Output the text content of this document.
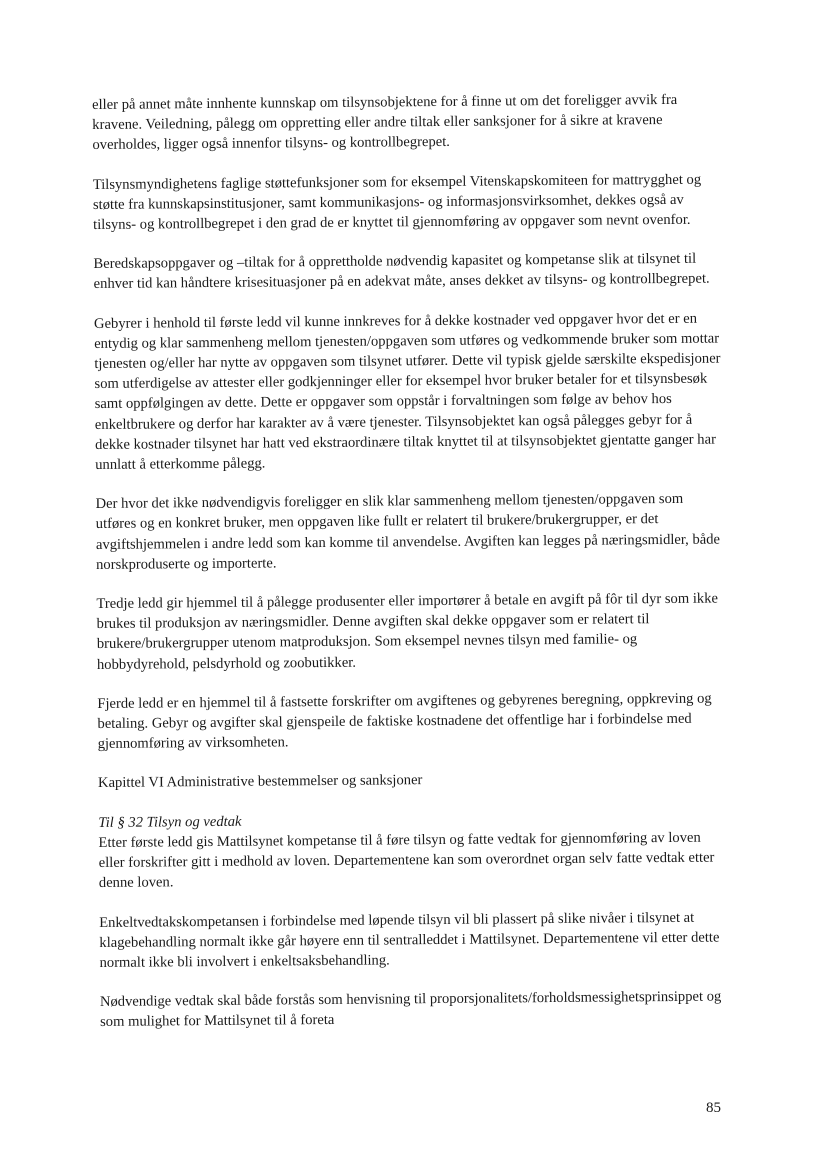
eller på annet måte innhente kunnskap om tilsynsobjektene for å finne ut om det foreligger avvik fra kravene. Veiledning, pålegg om oppretting eller andre tiltak eller sanksjoner for å sikre at kravene overholdes, ligger også innenfor tilsyns- og kontrollbegrepet.

Tilsynsmyndighetens faglige støttefunksjoner som for eksempel Vitenskapskomiteen for mattrygghet og støtte fra kunnskapsinstitusjoner, samt kommunikasjons- og informasjonsvirksomhet, dekkes også av tilsyns- og kontrollbegrepet i den grad de er knyttet til gjennomføring av oppgaver som nevnt ovenfor.

Beredskapsoppgaver og –tiltak for å opprettholde nødvendig kapasitet og kompetanse slik at tilsynet til enhver tid kan håndtere krisesituasjoner på en adekvat måte, anses dekket av tilsyns- og kontrollbegrepet.

Gebyrer i henhold til første ledd vil kunne innkreves for å dekke kostnader ved oppgaver hvor det er en entydig og klar sammenheng mellom tjenesten/oppgaven som utføres og vedkommende bruker som mottar tjenesten og/eller har nytte av oppgaven som tilsynet utfører. Dette vil typisk gjelde særskilte ekspedisjoner som utferdigelse av attester eller godkjenninger eller for eksempel hvor bruker betaler for et tilsynsbesøk samt oppfølgingen av dette. Dette er oppgaver som oppstår i forvaltningen som følge av behov hos enkeltbrukere og derfor har karakter av å være tjenester. Tilsynsobjektet kan også pålegges gebyr for å dekke kostnader tilsynet har hatt ved ekstraordinære tiltak knyttet til at tilsynsobjektet gjentatte ganger har unnlatt å etterkomme pålegg.

Der hvor det ikke nødvendigvis foreligger en slik klar sammenheng mellom tjenesten/oppgaven som utføres og en konkret bruker, men oppgaven like fullt er relatert til brukere/brukergrupper, er det avgiftshjemmelen i andre ledd som kan komme til anvendelse. Avgiften kan legges på næringsmidler, både norskproduserte og importerte.

Tredje ledd gir hjemmel til å pålegge produsenter eller importører å betale en avgift på fôr til dyr som ikke brukes til produksjon av næringsmidler. Denne avgiften skal dekke oppgaver som er relatert til brukere/brukergrupper utenom matproduksjon. Som eksempel nevnes tilsyn med familie- og hobbydyrehold, pelsdyrhold og zoobutikker.

Fjerde ledd er en hjemmel til å fastsette forskrifter om avgiftenes og gebyrenes beregning, oppkreving og betaling. Gebyr og avgifter skal gjenspeile de faktiske kostnadene det offentlige har i forbindelse med gjennomføring av virksomheten.

Kapittel VI Administrative bestemmelser og sanksjoner

Til § 32 Tilsyn og vedtak

Etter første ledd gis Mattilsynet kompetanse til å føre tilsyn og fatte vedtak for gjennomføring av loven eller forskrifter gitt i medhold av loven. Departementene kan som overordnet organ selv fatte vedtak etter denne loven.

Enkeltvedtakskompetansen i forbindelse med løpende tilsyn vil bli plassert på slike nivåer i tilsynet at klagebehandling normalt ikke går høyere enn til sentralleddet i Mattilsynet. Departementene vil etter dette normalt ikke bli involvert i enkeltsaksbehandling.

Nødvendige vedtak skal både forstås som henvisning til proporsjonalitets/forholdsmessighetsprinsippet og som mulighet for Mattilsynet til å foreta

85
